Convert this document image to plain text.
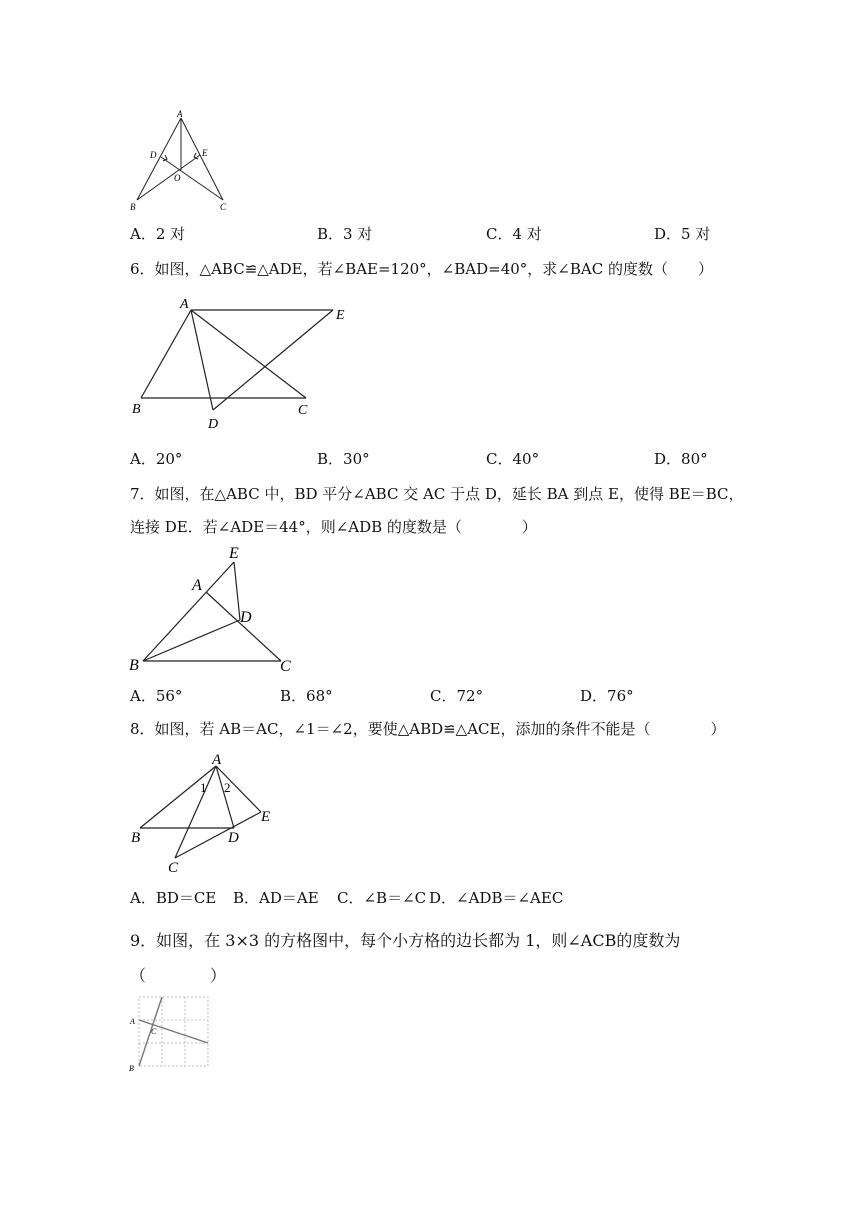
A
D	E
O
B	C
A．2 对	B．3 对	C．4 对	D．5 对
6．如图，△ABC≌△ADE，若∠BAE=120°，∠BAD=40°，求∠BAC 的度数（　　）
A
E
B
D
C
A．20°	B．30°	C．40°	D．80°
7．如图，在△ABC 中，BD 平分∠ABC 交 AC 于点 D，延长 BA 到点 E，使得 BE＝BC，
连接 DE．若∠ADE＝44°，则∠ADB 的度数是（　　　　）
E
A
D
B	C
A．56°	B．68°	C．72°	D．76°
8．如图，若 AB＝AC，∠1＝∠2，要使△ABD≌△ACE，添加的条件不能是（　　　　）
A
1 2
E
B	D
C
A．BD＝CE B．AD＝AE C．∠B＝∠C D．∠ADB＝∠AEC
9．如图，在 3×3 的方格图中，每个小方格的边长都为 1，则∠ACB的度数为
（　　　　）
A
C
B
